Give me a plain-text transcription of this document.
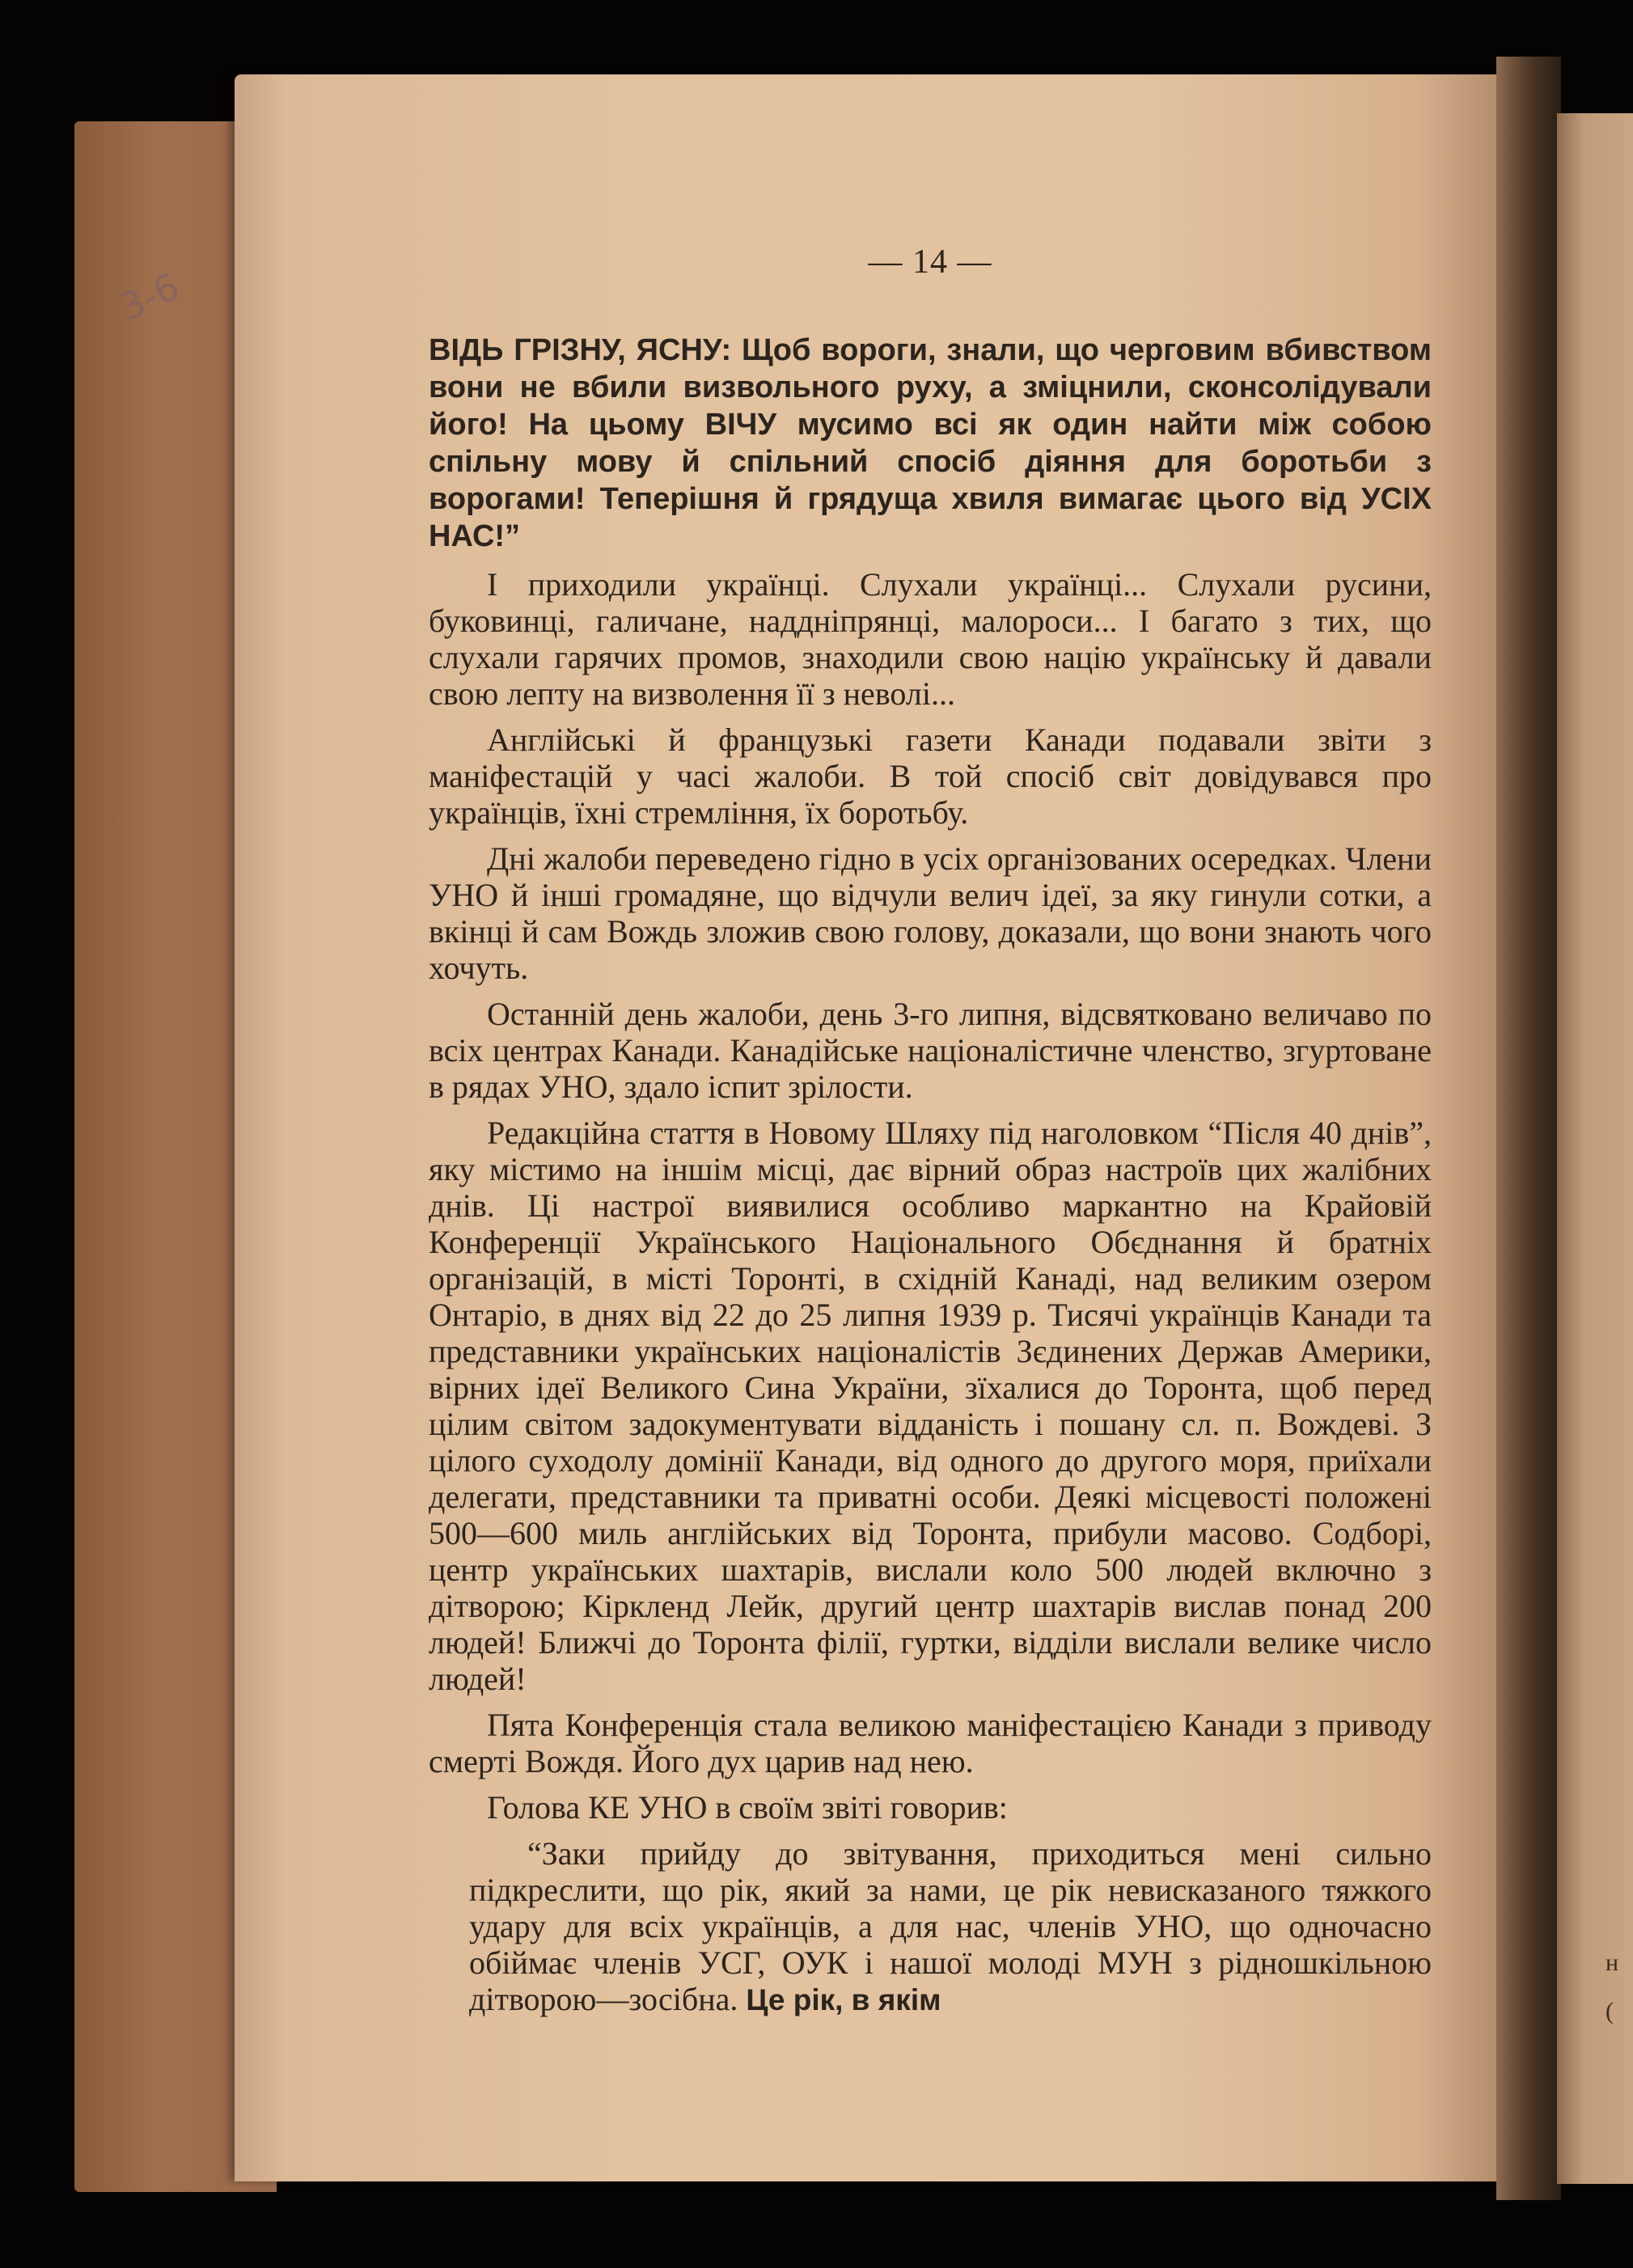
3-6
н
(
— 14 —
ВІДЬ ГРІЗНУ, ЯСНУ: Щоб вороги, знали, що черговим вбивством вони не вбили визвольного руху, а зміцнили, сконсолідували його! На цьому ВІЧУ мусимо всі як один найти між собою спільну мову й спільний спосіб діяння для боротьби з ворогами! Теперішня й грядуща хвиля вимагає цього від УСІХ НАС!”
І приходили українці. Слухали українці... Слухали русини, буковинці, галичане, наддніпрянці, малороси... І багато з тих, що слухали гарячих промов, знаходили свою націю українську й давали свою лепту на визволення її з неволі...
Англійські й французькі газети Канади подавали звіти з маніфестацій у часі жалоби. В той спосіб світ довідувався про українців, їхні стремління, їх боротьбу.
Дні жалоби переведено гідно в усіх організованих осередках. Члени УНО й інші громадяне, що відчули велич ідеї, за яку гинули сотки, а вкінці й сам Вождь зложив свою голову, доказали, що вони знають чого хочуть.
Останній день жалоби, день 3-го липня, відсвятковано величаво по всіх центрах Канади. Канадійське націоналістичне членство, згуртоване в рядах УНО, здало іспит зрілости.
Редакційна стаття в Новому Шляху під наголовком “Після 40 днів”, яку містимо на іншім місці, дає вірний образ настроїв цих жалібних днів. Ці настрої виявилися особливо маркантно на Крайовій Конференції Українського Національного Обєднання й братніх організацій, в місті Торонті, в східній Канаді, над великим озером Онтаріо, в днях від 22 до 25 липня 1939 р. Тисячі українців Канади та представники українських націоналістів Зєдинених Держав Америки, вірних ідеї Великого Сина України, зїхалися до Торонта, щоб перед цілим світом задокументувати відданість і пошану сл. п. Вождеві. З цілого суходолу домінії Канади, від одного до другого моря, приїхали делегати, представники та приватні особи. Деякі місцевості положені 500—600 миль англійських від Торонта, прибули масово. Содборі, центр українських шахтарів, вислали коло 500 людей включно з дітворою; Кіркленд Лейк, другий центр шахтарів вислав понад 200 людей! Ближчі до Торонта філії, гуртки, відділи вислали велике число людей!
Пята Конференція стала великою маніфестацією Канади з приводу смерті Вождя. Його дух царив над нею.
Голова КЕ УНО в своїм звіті говорив:
“Заки прийду до звітування, приходиться мені сильно підкреслити, що рік, який за нами, це рік невисказаного тяжкого удару для всіх українців, а для нас, членів УНО, що одночасно обіймає членів УСГ, ОУК і нашої молоді МУН з рідношкільною дітворою—зосібна. Це рік, в якім
